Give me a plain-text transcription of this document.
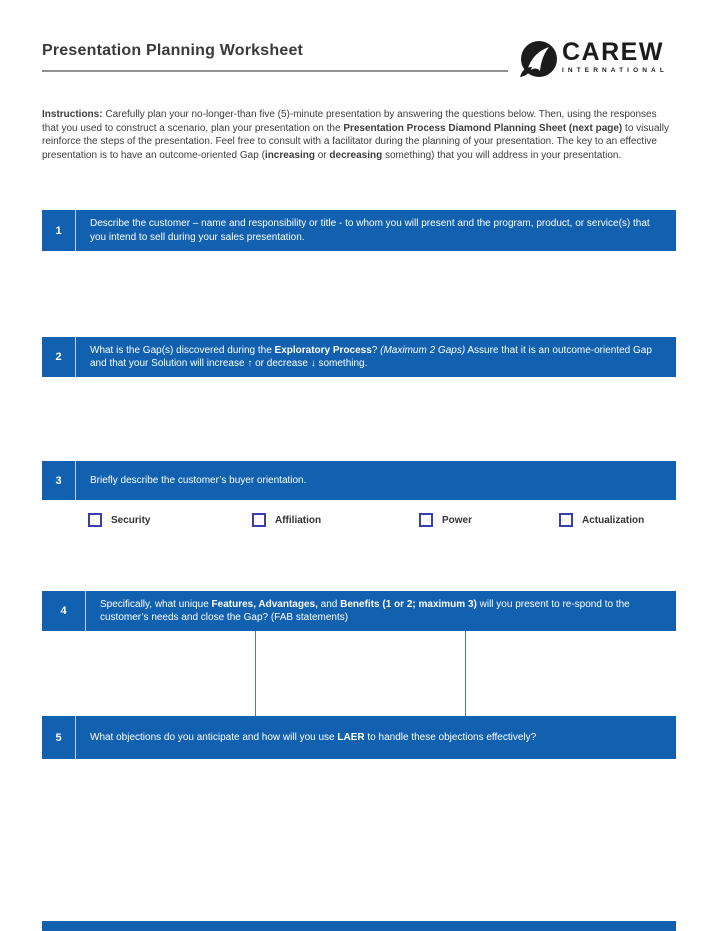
Presentation Planning Worksheet	CAREW
INTERNATIONAL

Instructions: Carefully plan your no-longer-than five (5)-minute presentation by answering the questions below. Then, using the responses that you used to construct a scenario, plan your presentation on the Presentation Process Diamond Planning Sheet (next page) to visually reinforce the steps of the presentation. Feel free to consult with a facilitator during the planning of your presentation. The key to an effective presentation is to have an outcome-oriented Gap (increasing or decreasing something) that you will address in your presentation.

1
Describe the customer – name and responsibility or title - to whom you will present and the program, product, or service(s) that you intend to sell during your sales presentation.
2
What is the Gap(s) discovered during the Exploratory Process? (Maximum 2 Gaps) Assure that it is an outcome-oriented Gap and that your Solution will increase ↑ or decrease ↓ something.
3	Briefly describe the customer’s buyer orientation.
Security	Affiliation	Power	Actualization
4
Specifically, what unique Features, Advantages, and Benefits (1 or 2; maximum 3) will you present to re-spond to the customer’s needs and close the Gap? (FAB statements)
5	What objections do you anticipate and how will you use LAER to handle these objections effectively?
